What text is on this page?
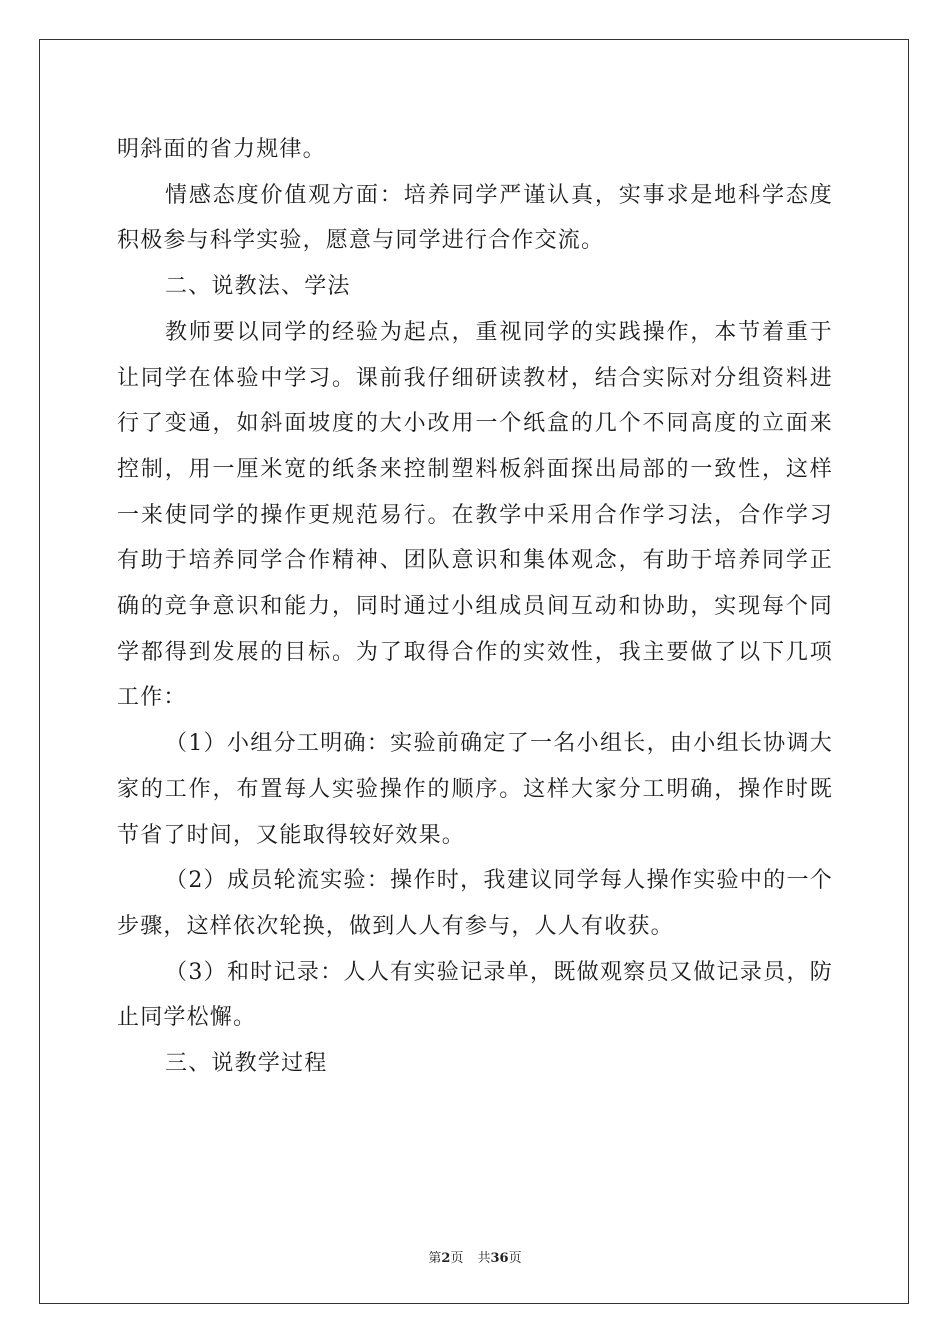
明斜面的省力规律。

情感态度价值观方面：培养同学严谨认真，实事求是地科学态度积极参与科学实验，愿意与同学进行合作交流。

二、说教法、学法

教师要以同学的经验为起点，重视同学的实践操作，本节着重于让同学在体验中学习。课前我仔细研读教材，结合实际对分组资料进行了变通，如斜面坡度的大小改用一个纸盒的几个不同高度的立面来控制，用一厘米宽的纸条来控制塑料板斜面探出局部的一致性，这样一来使同学的操作更规范易行。在教学中采用合作学习法，合作学习有助于培养同学合作精神、团队意识和集体观念，有助于培养同学正确的竞争意识和能力，同时通过小组成员间互动和协助，实现每个同学都得到发展的目标。为了取得合作的实效性，我主要做了以下几项工作：

（1）小组分工明确：实验前确定了一名小组长，由小组长协调大家的工作，布置每人实验操作的顺序。这样大家分工明确，操作时既节省了时间，又能取得较好效果。

（2）成员轮流实验：操作时，我建议同学每人操作实验中的一个步骤，这样依次轮换，做到人人有参与，人人有收获。

（3）和时记录：人人有实验记录单，既做观察员又做记录员，防止同学松懈。

三、说教学过程

第2页 共36页
